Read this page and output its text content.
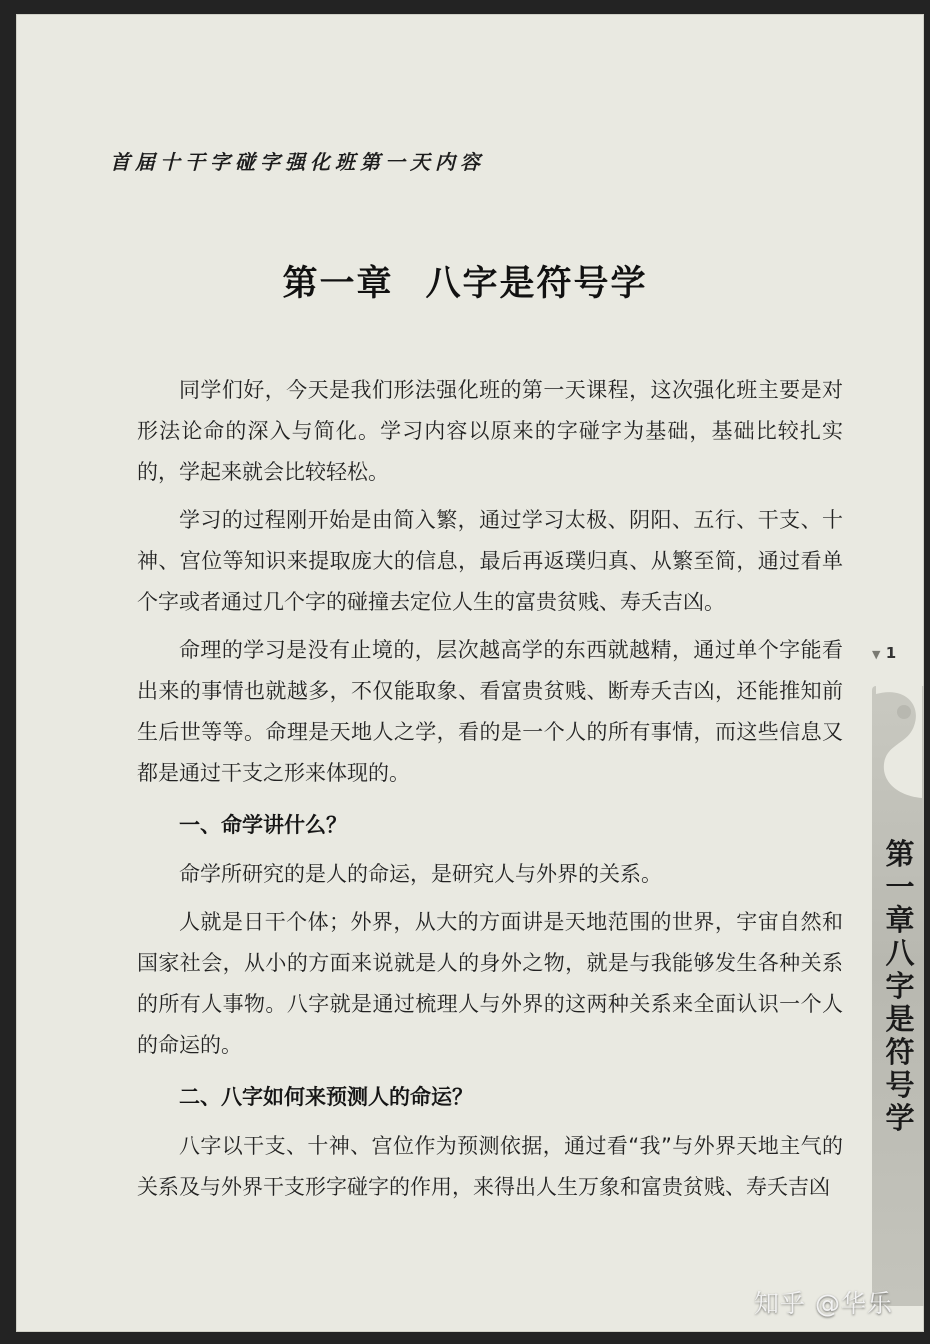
首届十干字碰字强化班第一天内容
第一章 八字是符号学

同学们好，今天是我们形法强化班的第一天课程，这次强化班主要是对形法论命的深入与简化。学习内容以原来的字碰字为基础，基础比较扎实的，学起来就会比较轻松。

学习的过程刚开始是由简入繁，通过学习太极、阴阳、五行、干支、十神、宫位等知识来提取庞大的信息，最后再返璞归真、从繁至简，通过看单个字或者通过几个字的碰撞去定位人生的富贵贫贱、寿夭吉凶。

命理的学习是没有止境的，层次越高学的东西就越精，通过单个字能看出来的事情也就越多，不仅能取象、看富贵贫贱、断寿夭吉凶，还能推知前生后世等等。命理是天地人之学，看的是一个人的所有事情，而这些信息又都是通过干支之形来体现的。

一、命学讲什么？

命学所研究的是人的命运，是研究人与外界的关系。

人就是日干个体；外界，从大的方面讲是天地范围的世界，宇宙自然和国家社会，从小的方面来说就是人的身外之物，就是与我能够发生各种关系的所有人事物。八字就是通过梳理人与外界的这两种关系来全面认识一个人的命运的。

二、八字如何来预测人的命运？

八字以干支、十神、宫位作为预测依据，通过看“我”与外界天地主气的关系及与外界干支形字碰字的作用，来得出人生万象和富贵贫贱、寿夭吉凶

▼ 1
第
一
章
八
字
是
符
号
学
知乎 @华乐
